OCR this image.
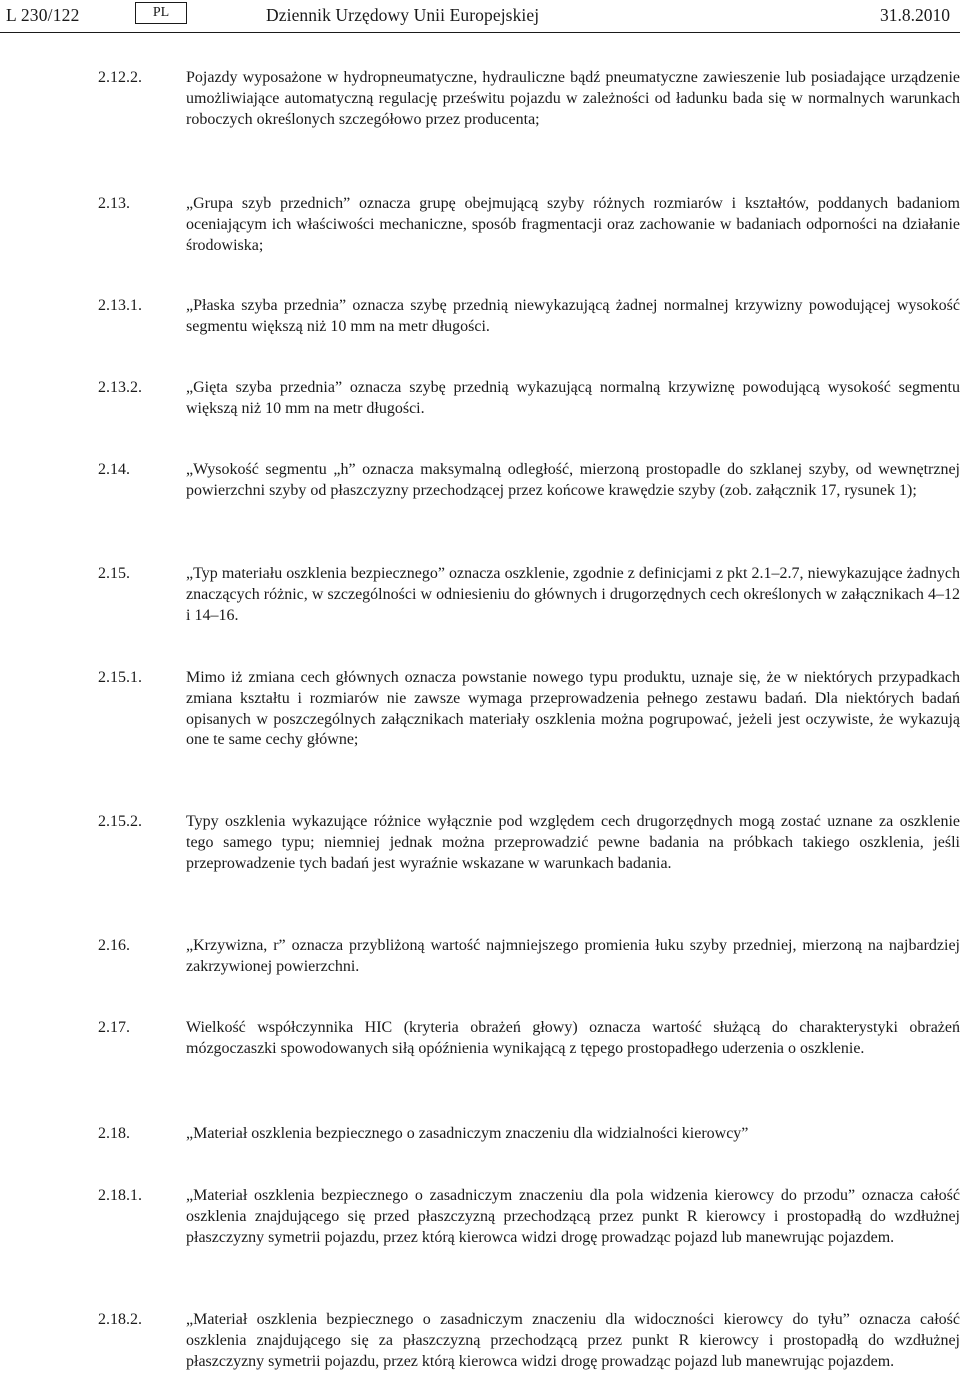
L 230/122	PL	Dziennik Urzędowy Unii Europejskiej	31.8.2010
2.12.2.	Pojazdy wyposażone w hydropneumatyczne, hydrauliczne bądź pneumatyczne zawieszenie lub posiadające urządzenie umożliwiające automatyczną regulację prześwitu pojazdu w zależności od ładunku bada się w normalnych warunkach roboczych określonych szczegółowo przez producenta;
2.13.	„Grupa szyb przednich” oznacza grupę obejmującą szyby różnych rozmiarów i kształtów, poddanych badaniom oceniającym ich właściwości mechaniczne, sposób fragmentacji oraz zachowanie w badaniach odporności na działanie środowiska;
2.13.1.	„Płaska szyba przednia” oznacza szybę przednią niewykazującą żadnej normalnej krzywizny powodującej wysokość segmentu większą niż 10 mm na metr długości.
2.13.2.	„Gięta szyba przednia” oznacza szybę przednią wykazującą normalną krzywiznę powodującą wysokość segmentu większą niż 10 mm na metr długości.
2.14.	„Wysokość segmentu „h” oznacza maksymalną odległość, mierzoną prostopadle do szklanej szyby, od wewnętrznej powierzchni szyby od płaszczyzny przechodzącej przez końcowe krawędzie szyby (zob. załącznik 17, rysunek 1);
2.15.	„Typ materiału oszklenia bezpiecznego” oznacza oszklenie, zgodnie z definicjami z pkt 2.1–2.7, niewykazujące żadnych znaczących różnic, w szczególności w odniesieniu do głównych i drugorzędnych cech określonych w załącznikach 4–12 i 14–16.
2.15.1.	Mimo iż zmiana cech głównych oznacza powstanie nowego typu produktu, uznaje się, że w niektórych przypadkach zmiana kształtu i rozmiarów nie zawsze wymaga przeprowadzenia pełnego zestawu badań. Dla niektórych badań opisanych w poszczególnych załącznikach materiały oszklenia można pogrupować, jeżeli jest oczywiste, że wykazują one te same cechy główne;
2.15.2.	Typy oszklenia wykazujące różnice wyłącznie pod względem cech drugorzędnych mogą zostać uznane za oszklenie tego samego typu; niemniej jednak można przeprowadzić pewne badania na próbkach takiego oszklenia, jeśli przeprowadzenie tych badań jest wyraźnie wskazane w warunkach badania.
2.16.	„Krzywizna, r” oznacza przybliżoną wartość najmniejszego promienia łuku szyby przedniej, mierzoną na najbardziej zakrzywionej powierzchni.
2.17.	Wielkość współczynnika HIC (kryteria obrażeń głowy) oznacza wartość służącą do charakterystyki obrażeń mózgoczaszki spowodowanych siłą opóźnienia wynikającą z tępego prostopadłego uderzenia o oszklenie.
2.18.	„Materiał oszklenia bezpiecznego o zasadniczym znaczeniu dla widzialności kierowcy”
2.18.1.	„Materiał oszklenia bezpiecznego o zasadniczym znaczeniu dla pola widzenia kierowcy do przodu” oznacza całość oszklenia znajdującego się przed płaszczyzną przechodzącą przez punkt R kierowcy i prostopadłą do wzdłużnej płaszczyzny symetrii pojazdu, przez którą kierowca widzi drogę prowadząc pojazd lub manewrując pojazdem.
2.18.2.	„Materiał oszklenia bezpiecznego o zasadniczym znaczeniu dla widoczności kierowcy do tyłu” oznacza całość oszklenia znajdującego się za płaszczyzną przechodzącą przez punkt R kierowcy i prostopadłą do wzdłużnej płaszczyzny symetrii pojazdu, przez którą kierowca widzi drogę prowadząc pojazd lub manewrując pojazdem.
